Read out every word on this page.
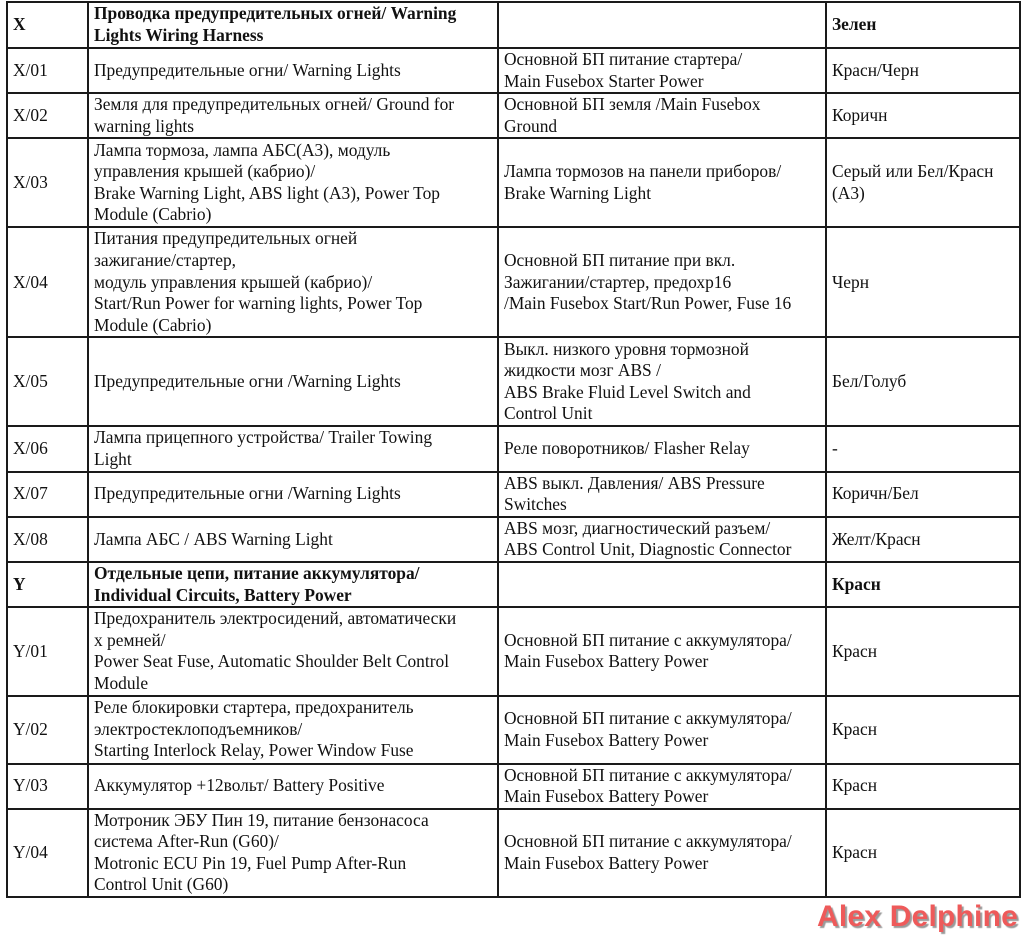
X	Проводка предупредительных огней/ Warning
Lights Wiring Harness		Зелен
X/01	Предупредительные огни/ Warning Lights	Основной БП питание стартера/
Main Fusebox Starter Power	Красн/Черн
X/02	Земля для предупредительных огней/ Ground for
warning lights	Основной БП земля /Main Fusebox
Ground	Коричн
X/03	Лампа тормоза, лампа АБС(А3), модуль
управления крышей (кабрио)/
Brake Warning Light, ABS light (A3), Power Top
Module (Cabrio)	Лампа тормозов на панели приборов/
Brake Warning Light	Серый или Бел/Красн
(А3)
X/04	Питания предупредительных огней
зажигание/стартер,
модуль управления крышей (кабрио)/
Start/Run Power for warning lights, Power Top
Module (Cabrio)	Основной БП питание при вкл.
Зажигании/стартер, предохр16
/Main Fusebox Start/Run Power, Fuse 16	Черн
X/05	Предупредительные огни /Warning Lights	Выкл. низкого уровня тормозной
жидкости мозг ABS /
ABS Brake Fluid Level Switch and
Control Unit	Бел/Голуб
X/06	Лампа прицепного устройства/ Trailer Towing
Light	Реле поворотников/ Flasher Relay	-
X/07	Предупредительные огни /Warning Lights	ABS выкл. Давления/ ABS Pressure
Switches	Коричн/Бел
X/08	Лампа АБС / ABS Warning Light	ABS мозг, диагностический разъем/
ABS Control Unit, Diagnostic Connector	Желт/Красн
Y	Отдельные цепи, питание аккумулятора/
Individual Circuits, Battery Power		Красн
Y/01	Предохранитель электросидений, автоматически
х ремней/
Power Seat Fuse, Automatic Shoulder Belt Control
Module	Основной БП питание с аккумулятора/
Main Fusebox Battery Power	Красн
Y/02	Реле блокировки стартера, предохранитель
электростеклоподъемников/
Starting Interlock Relay, Power Window Fuse	Основной БП питание с аккумулятора/
Main Fusebox Battery Power	Красн
Y/03	Аккумулятор +12вольт/ Battery Positive	Основной БП питание с аккумулятора/
Main Fusebox Battery Power	Красн
Y/04	Мотроник ЭБУ Пин 19, питание бензонасоса
система After-Run (G60)/
Motronic ECU Pin 19, Fuel Pump After-Run
Control Unit (G60)	Основной БП питание с аккумулятора/
Main Fusebox Battery Power	Красн
Alex Delphine
